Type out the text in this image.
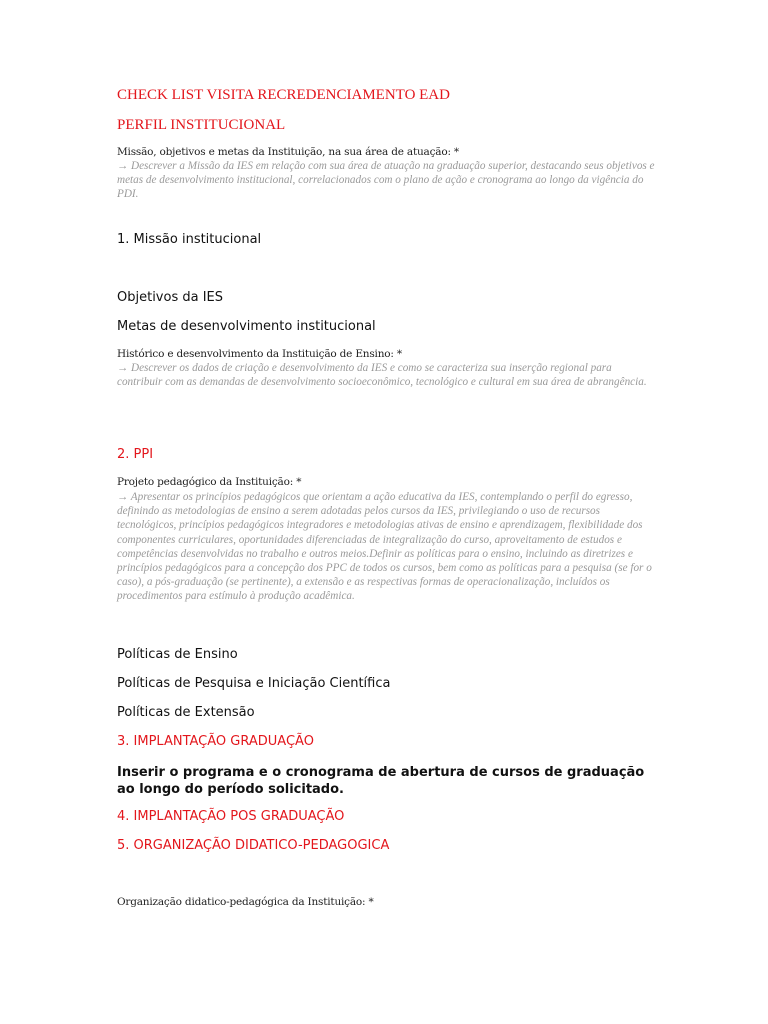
CHECK LIST VISITA RECREDENCIAMENTO EAD

PERFIL INSTITUCIONAL

Missão, objetivos e metas da Instituição, na sua área de atuação: *

→ Descrever a Missão da IES em relação com sua área de atuação na graduação superior, destacando seus objetivos e metas de desenvolvimento institucional, correlacionados com o plano de ação e cronograma ao longo da vigência do PDI.

1. Missão institucional

Objetivos da IES

Metas de desenvolvimento institucional

Histórico e desenvolvimento da Instituição de Ensino: *

→ Descrever os dados de criação e desenvolvimento da IES e como se caracteriza sua inserção regional para contribuir com as demandas de desenvolvimento socioeconômico, tecnológico e cultural em sua área de abrangência.

2. PPI

Projeto pedagógico da Instituição: *

→ Apresentar os princípios pedagógicos que orientam a ação educativa da IES, contemplando o perfil do egresso, definindo as metodologias de ensino a serem adotadas pelos cursos da IES, privilegiando o uso de recursos tecnológicos, princípios pedagógicos integradores e metodologias ativas de ensino e aprendizagem, flexibilidade dos componentes curriculares, oportunidades diferenciadas de integralização do curso, aproveitamento de estudos e competências desenvolvidas no trabalho e outros meios.Definir as políticas para o ensino, incluindo as diretrizes e princípios pedagógicos para a concepção dos PPC de todos os cursos, bem como as políticas para a pesquisa (se for o caso), a pós-graduação (se pertinente), a extensão e as respectivas formas de operacionalização, incluídos os procedimentos para estímulo à produção acadêmica.

Políticas de Ensino

Políticas de Pesquisa e Iniciação Científica

Políticas de Extensão

3. IMPLANTAÇÃO GRADUAÇÃO

Inserir o programa e o cronograma de abertura de cursos de graduação ao longo do período solicitado.

4. IMPLANTAÇÃO POS GRADUAÇÃO

5. ORGANIZAÇÃO DIDATICO-PEDAGOGICA

Organização didatico-pedagógica da Instituição: *
